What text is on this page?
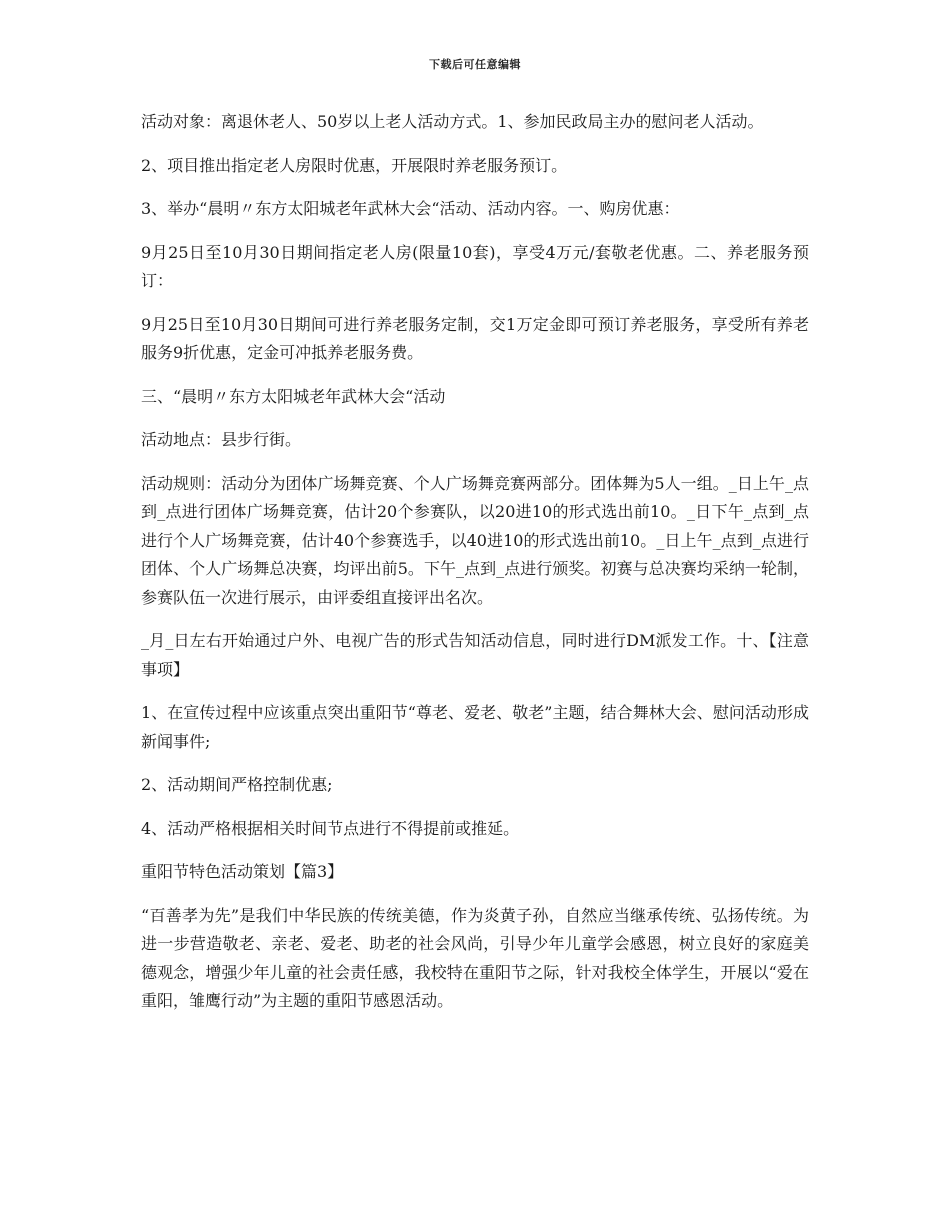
下载后可任意编辑

活动对象：离退休老人、50岁以上老人活动方式。1、参加民政局主办的慰问老人活动。

2、项目推出指定老人房限时优惠，开展限时养老服务预订。

3、举办“晨明〃东方太阳城老年武林大会“活动、活动内容。一、购房优惠：

9月25日至10月30日期间指定老人房(限量10套)，享受4万元/套敬老优惠。二、养老服务预订：

9月25日至10月30日期间可进行养老服务定制，交1万定金即可预订养老服务，享受所有养老服务9折优惠，定金可冲抵养老服务费。

三、“晨明〃东方太阳城老年武林大会“活动

活动地点：县步行街。

活动规则：活动分为团体广场舞竞赛、个人广场舞竞赛两部分。团体舞为5人一组。_日上午_点到_点进行团体广场舞竞赛，估计20个参赛队，以20进10的形式选出前10。_日下午_点到_点进行个人广场舞竞赛，估计40个参赛选手，以40进10的形式选出前10。_日上午_点到_点进行团体、个人广场舞总决赛，均评出前5。下午_点到_点进行颁奖。初赛与总决赛均采纳一轮制，参赛队伍一次进行展示，由评委组直接评出名次。

_月_日左右开始通过户外、电视广告的形式告知活动信息，同时进行DM派发工作。十、【注意事项】

1、在宣传过程中应该重点突出重阳节“尊老、爱老、敬老”主题，结合舞林大会、慰问活动形成新闻事件;

2、活动期间严格控制优惠;

4、活动严格根据相关时间节点进行不得提前或推延。

重阳节特色活动策划【篇3】

“百善孝为先”是我们中华民族的传统美德，作为炎黄子孙，自然应当继承传统、弘扬传统。为进一步营造敬老、亲老、爱老、助老的社会风尚，引导少年儿童学会感恩，树立良好的家庭美德观念，增强少年儿童的社会责任感，我校特在重阳节之际，针对我校全体学生，开展以“爱在重阳，雏鹰行动”为主题的重阳节感恩活动。
